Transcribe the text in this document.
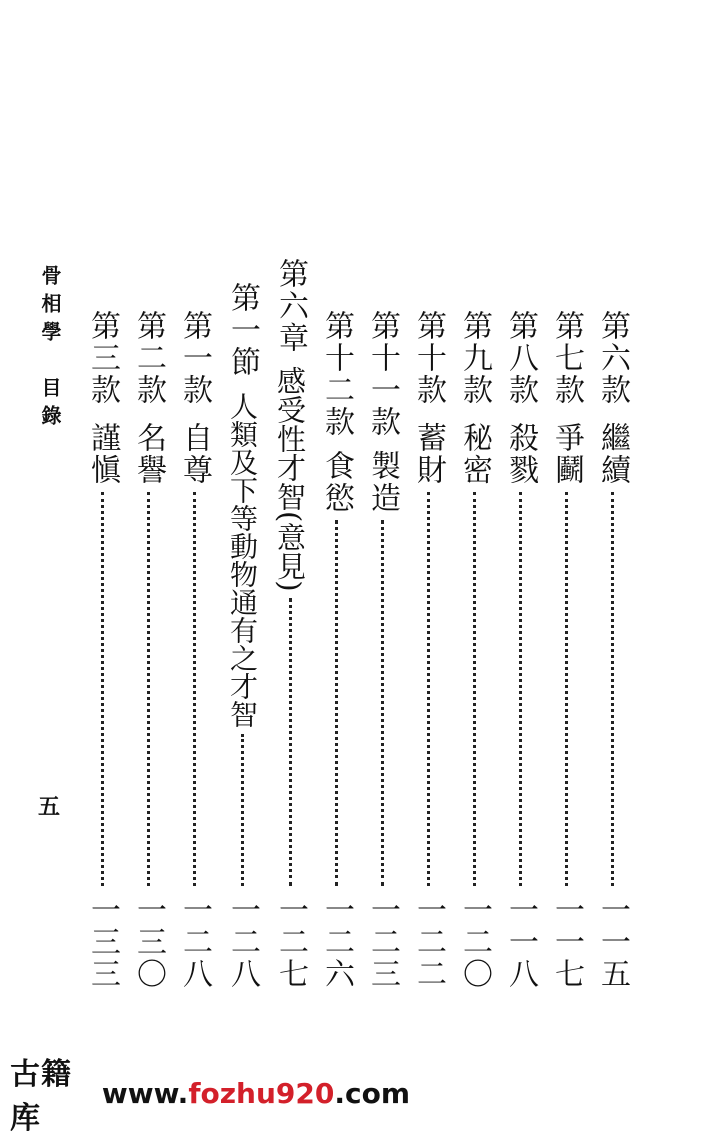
骨相學　目錄
五
第六款
繼續
一一五
第七款
爭鬬
一一七
第八款
殺戮
一一八
第九款
秘密
一二〇
第十款
蓄財
一二二
第十一款
製造
一二三
第十二款
食慾
一二六
第六章
感受性才智(意見)
一二七
第一節
人類及下等動物通有之才智
一二八
第一款
自尊
一二八
第二款
名譽
一三〇
第三款
謹愼
一三三
古籍库
www.fozhu920.com
